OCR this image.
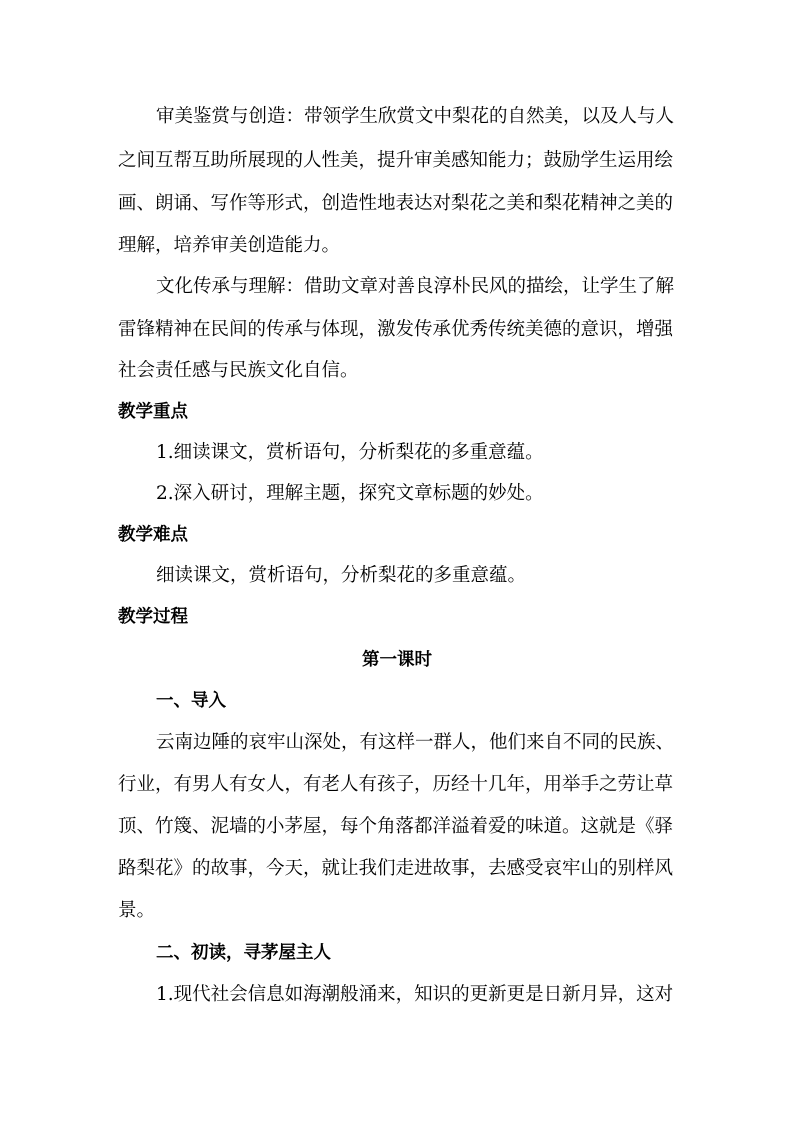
审美鉴赏与创造：带领学生欣赏文中梨花的自然美，以及人与人
之间互帮互助所展现的人性美，提升审美感知能力；鼓励学生运用绘
画、朗诵、写作等形式，创造性地表达对梨花之美和梨花精神之美的
理解，培养审美创造能力。
文化传承与理解：借助文章对善良淳朴民风的描绘，让学生了解
雷锋精神在民间的传承与体现，激发传承优秀传统美德的意识，增强
社会责任感与民族文化自信。
教学重点
1.细读课文，赏析语句，分析梨花的多重意蕴。
2.深入研讨，理解主题，探究文章标题的妙处。
教学难点
细读课文，赏析语句，分析梨花的多重意蕴。
教学过程
第一课时
一、导入
云南边陲的哀牢山深处，有这样一群人，他们来自不同的民族、
行业，有男人有女人，有老人有孩子，历经十几年，用举手之劳让草
顶、竹篾、泥墙的小茅屋，每个角落都洋溢着爱的味道。这就是《驿
路梨花》的故事，今天，就让我们走进故事，去感受哀牢山的别样风
景。
二、初读，寻茅屋主人
1.现代社会信息如海潮般涌来，知识的更新更是日新月异，这对
